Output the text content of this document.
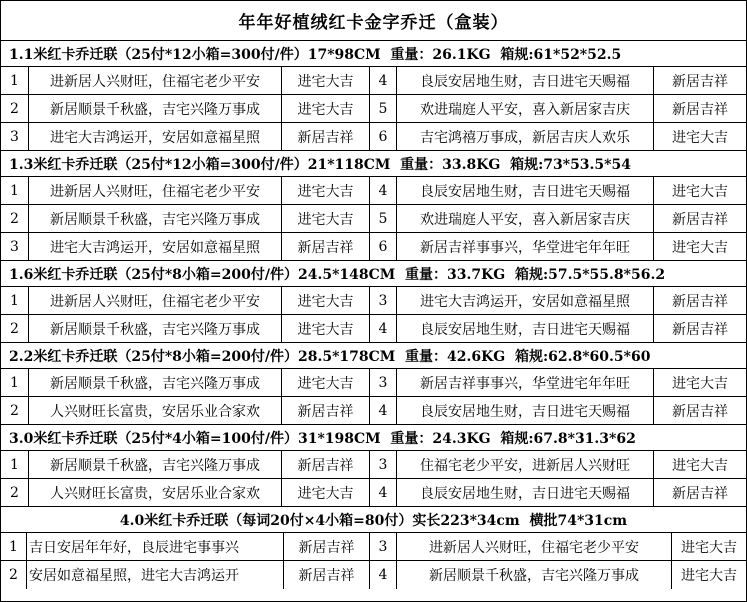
年年好植绒红卡金字乔迁（盒装）
1.1米红卡乔迁联（25付*12小箱=300付/件）17*98CM  重量：26.1KG  箱规:61*52*52.5
1	进新居人兴财旺，住福宅老少平安	进宅大吉	4	良辰安居地生财，吉日进宅天赐福	新居吉祥
2	新居顺景千秋盛，吉宅兴隆万事成	进宅大吉	5	欢进瑞庭人平安，喜入新居家吉庆	新居吉祥
3	进宅大吉鸿运开，安居如意福星照	新居吉祥	6	吉宅鸿禧万事成，新居吉庆人欢乐	进宅大吉
1.3米红卡乔迁联（25付*12小箱=300付/件）21*118CM  重量：33.8KG  箱规:73*53.5*54
1	进新居人兴财旺，住福宅老少平安	进宅大吉	4	良辰安居地生财，吉日进宅天赐福	进宅大吉
2	新居顺景千秋盛，吉宅兴隆万事成	进宅大吉	5	欢进瑞庭人平安，喜入新居家吉庆	新居吉祥
3	进宅大吉鸿运开，安居如意福星照	新居吉祥	6	新居吉祥事事兴，华堂进宅年年旺	进宅大吉
1.6米红卡乔迁联（25付*8小箱=200付/件）24.5*148CM  重量：33.7KG  箱规:57.5*55.8*56.2
1	进新居人兴财旺，住福宅老少平安	进宅大吉	3	进宅大吉鸿运开，安居如意福星照	新居吉祥
2	新居顺景千秋盛，吉宅兴隆万事成	进宅大吉	4	良辰安居地生财，吉日进宅天赐福	新居吉祥
2.2米红卡乔迁联（25付*8小箱=200付/件）28.5*178CM  重量：42.6KG  箱规:62.8*60.5*60
1	新居顺景千秋盛，吉宅兴隆万事成	进宅大吉	3	新居吉祥事事兴，华堂进宅年年旺	进宅大吉
2	人兴财旺长富贵，安居乐业合家欢	新居吉祥	4	良辰安居地生财，吉日进宅天赐福	新居吉祥
3.0米红卡乔迁联（25付*4小箱=100付/件）31*198CM  重量：24.3KG  箱规:67.8*31.3*62
1	新居顺景千秋盛，吉宅兴隆万事成	新居吉祥	3	住福宅老少平安，进新居人兴财旺	进宅大吉
2	人兴财旺长富贵，安居乐业合家欢	进宅大吉	4	良辰安居地生财，吉日进宅天赐福	新居吉祥
4.0米红卡乔迁联（每词20付×4小箱=80付）实长223*34cm  横批74*31cm
1 吉日安居年年好，良辰进宅事事兴	新居吉祥	3	进新居人兴财旺，住福宅老少平安	进宅大吉
2 安居如意福星照，进宅大吉鸿运开	新居吉祥	4	新居顺景千秋盛，吉宅兴隆万事成	进宅大吉
